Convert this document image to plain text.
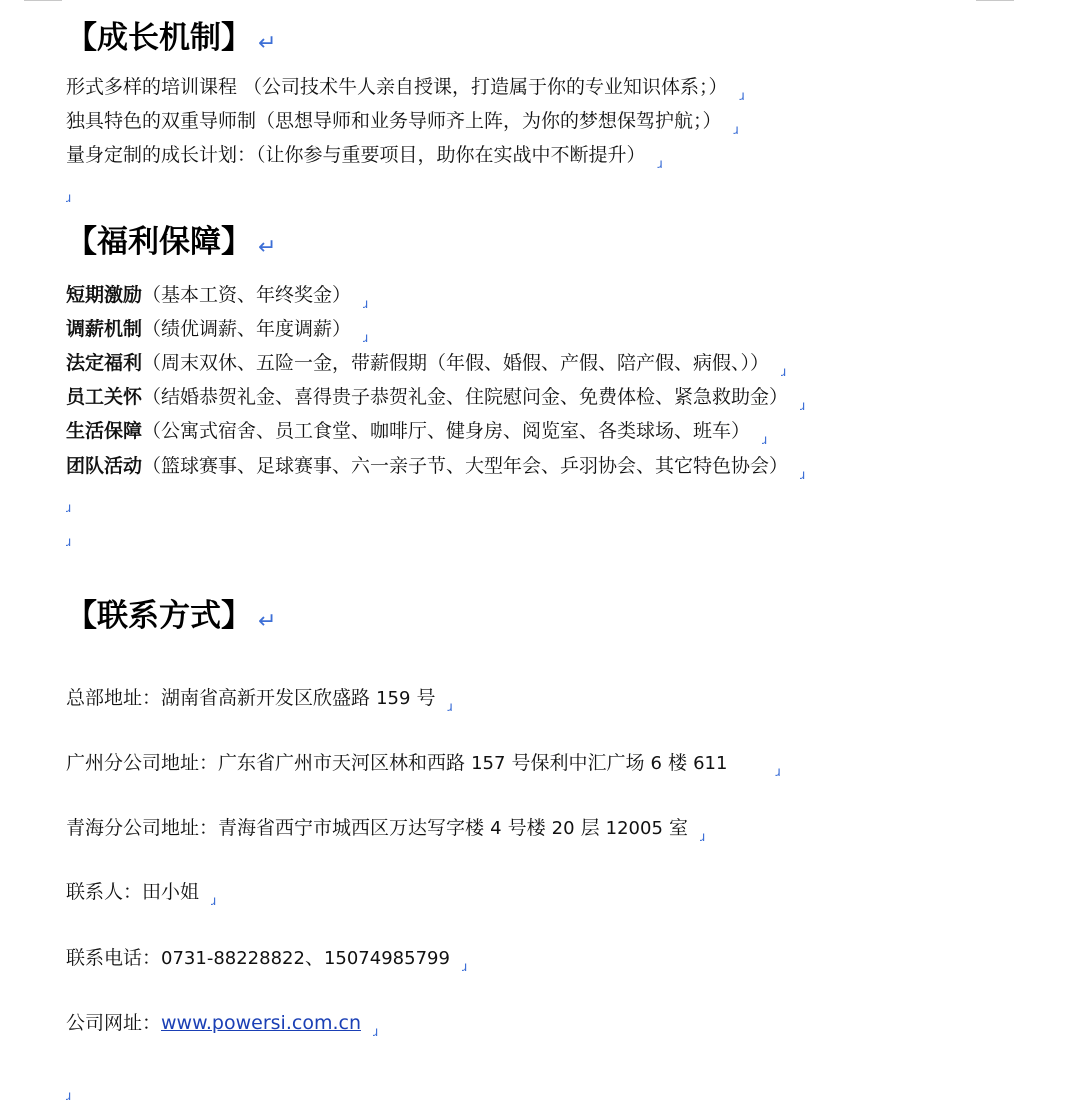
【成长机制】 ↵
形式多样的培训课程 （公司技术牛人亲自授课，打造属于你的专业知识体系；） ɹ
独具特色的双重导师制（思想导师和业务导师齐上阵，为你的梦想保驾护航；） ɹ
量身定制的成长计划：（让你参与重要项目，助你在实战中不断提升） ɹ
ɹ
【福利保障】 ↵
短期激励（基本工资、年终奖金） ɹ
调薪机制（绩优调薪、年度调薪） ɹ
法定福利（周末双休、五险一金，带薪假期（年假、婚假、产假、陪产假、病假、）） ɹ
员工关怀（结婚恭贺礼金、喜得贵子恭贺礼金、住院慰问金、免费体检、紧急救助金） ɹ
生活保障（公寓式宿舍、员工食堂、咖啡厅、健身房、阅览室、各类球场、班车） ɹ
团队活动（篮球赛事、足球赛事、六一亲子节、大型年会、乒羽协会、其它特色协会） ɹ
ɹ
ɹ
【联系方式】 ↵
总部地址：湖南省高新开发区欣盛路 159 号 ɹ
广州分公司地址：广东省广州市天河区林和西路 157 号保利中汇广场 6 楼 611	ɹ
青海分公司地址：青海省西宁市城西区万达写字楼 4 号楼 20 层 12005 室 ɹ
联系人：田小姐 ɹ
联系电话：0731-88228822、15074985799 ɹ
公司网址：www.powersi.com.cn ɹ
ɹ
